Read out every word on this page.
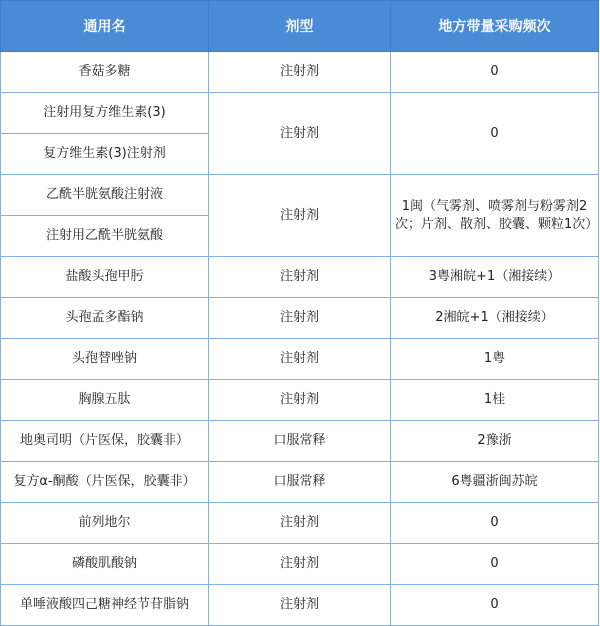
通用名	剂型	地方带量采购频次
香菇多糖	注射剂	0
注射用复方维生素(3)	注射剂	0
复方维生素(3)注射剂		
乙酰半胱氨酸注射液	注射剂	1闽（气雾剂、喷雾剂与粉雾剂2次；片剂、散剂、胶囊、颗粒1次）
注射用乙酰半胱氨酸		
盐酸头孢甲肟	注射剂	3粤湘皖+1（湘接续）
头孢孟多酯钠	注射剂	2湘皖+1（湘接续）
头孢替唑钠	注射剂	1粤
胸腺五肽	注射剂	1桂
地奥司明（片医保，胶囊非）	口服常释	2豫浙
复方α-酮酸（片医保，胶囊非）	口服常释	6粤疆浙闽苏皖
前列地尔	注射剂	0
磷酸肌酸钠	注射剂	0
单唾液酸四己糖神经节苷脂钠	注射剂	0
